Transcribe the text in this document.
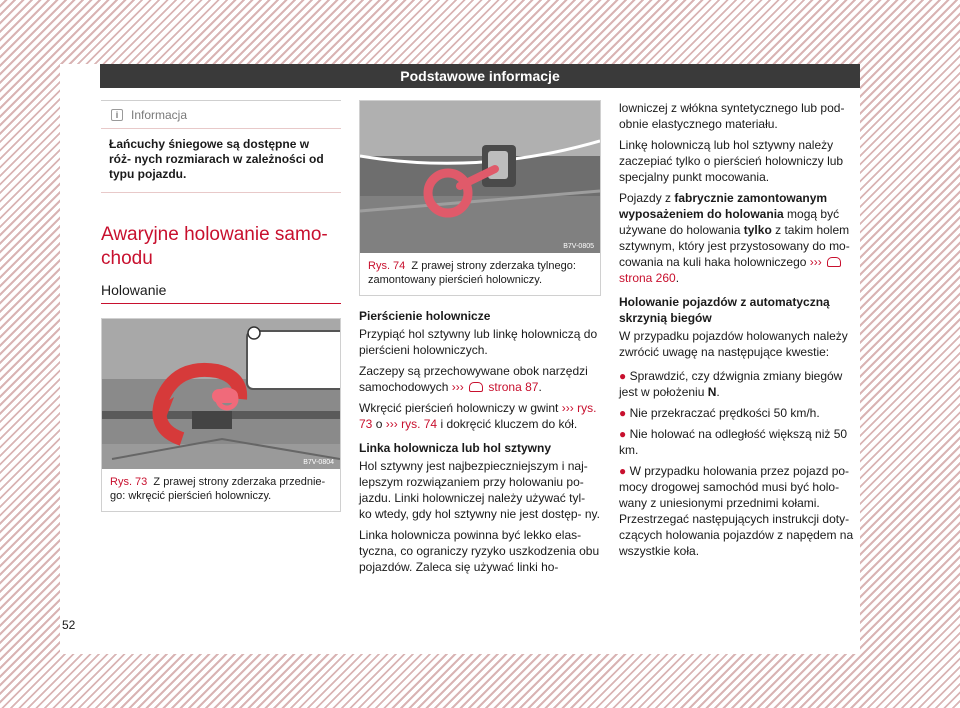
Podstawowe informacje
i	Informacja
Łańcuchy śniegowe są dostępne w róż- nych rozmiarach w zależności od typu pojazdu.
Awaryjne holowanie samo- chodu
Holowanie
B7V-0804
Rys. 73 Z prawej strony zderzaka przednie- go: wkręcić pierścień holowniczy.
B7V-0805
Rys. 74 Z prawej strony zderzaka tylnego: zamontowany pierścień holowniczy.

Pierścienie holownicze

Przypiąć hol sztywny lub linkę holowniczą do pierścieni holowniczych.

Zaczepy są przechowywane obok narzędzi samochodowych ››› strona 87.

Wkręcić pierścień holowniczy w gwint ››› rys. 73 o ››› rys. 74 i dokręcić kluczem do kół.

Linka holownicza lub hol sztywny

Hol sztywny jest najbezpieczniejszym i naj- lepszym rozwiązaniem przy holowaniu po- jazdu. Linki holowniczej należy używać tyl- ko wtedy, gdy hol sztywny nie jest dostęp- ny.

Linka holownicza powinna być lekko elas- tyczna, co ograniczy ryzyko uszkodzenia obu pojazdów. Zaleca się używać linki ho-

lowniczej z włókna syntetycznego lub pod- obnie elastycznego materiału.

Linkę holowniczą lub hol sztywny należy zaczepiać tylko o pierścień holowniczy lub specjalny punkt mocowania.

Pojazdy z fabrycznie zamontowanym wyposażeniem do holowania mogą być używane do holowania tylko z takim holem sztywnym, który jest przystosowany do mo- cowania na kuli haka holowniczego ›››  strona 260.

Holowanie pojazdów z automatyczną skrzynią biegów

W przypadku pojazdów holowanych należy zwrócić uwagę na następujące kwestie:

● Sprawdzić, czy dźwignia zmiany biegów jest w położeniu N.

● Nie przekraczać prędkości 50 km/h.

● Nie holować na odległość większą niż 50 km.

● W przypadku holowania przez pojazd po- mocy drogowej samochód musi być holo- wany z uniesionymi przednimi kołami. Przestrzegać następujących instrukcji doty- czących holowania pojazdów z napędem na wszystkie koła.

52
